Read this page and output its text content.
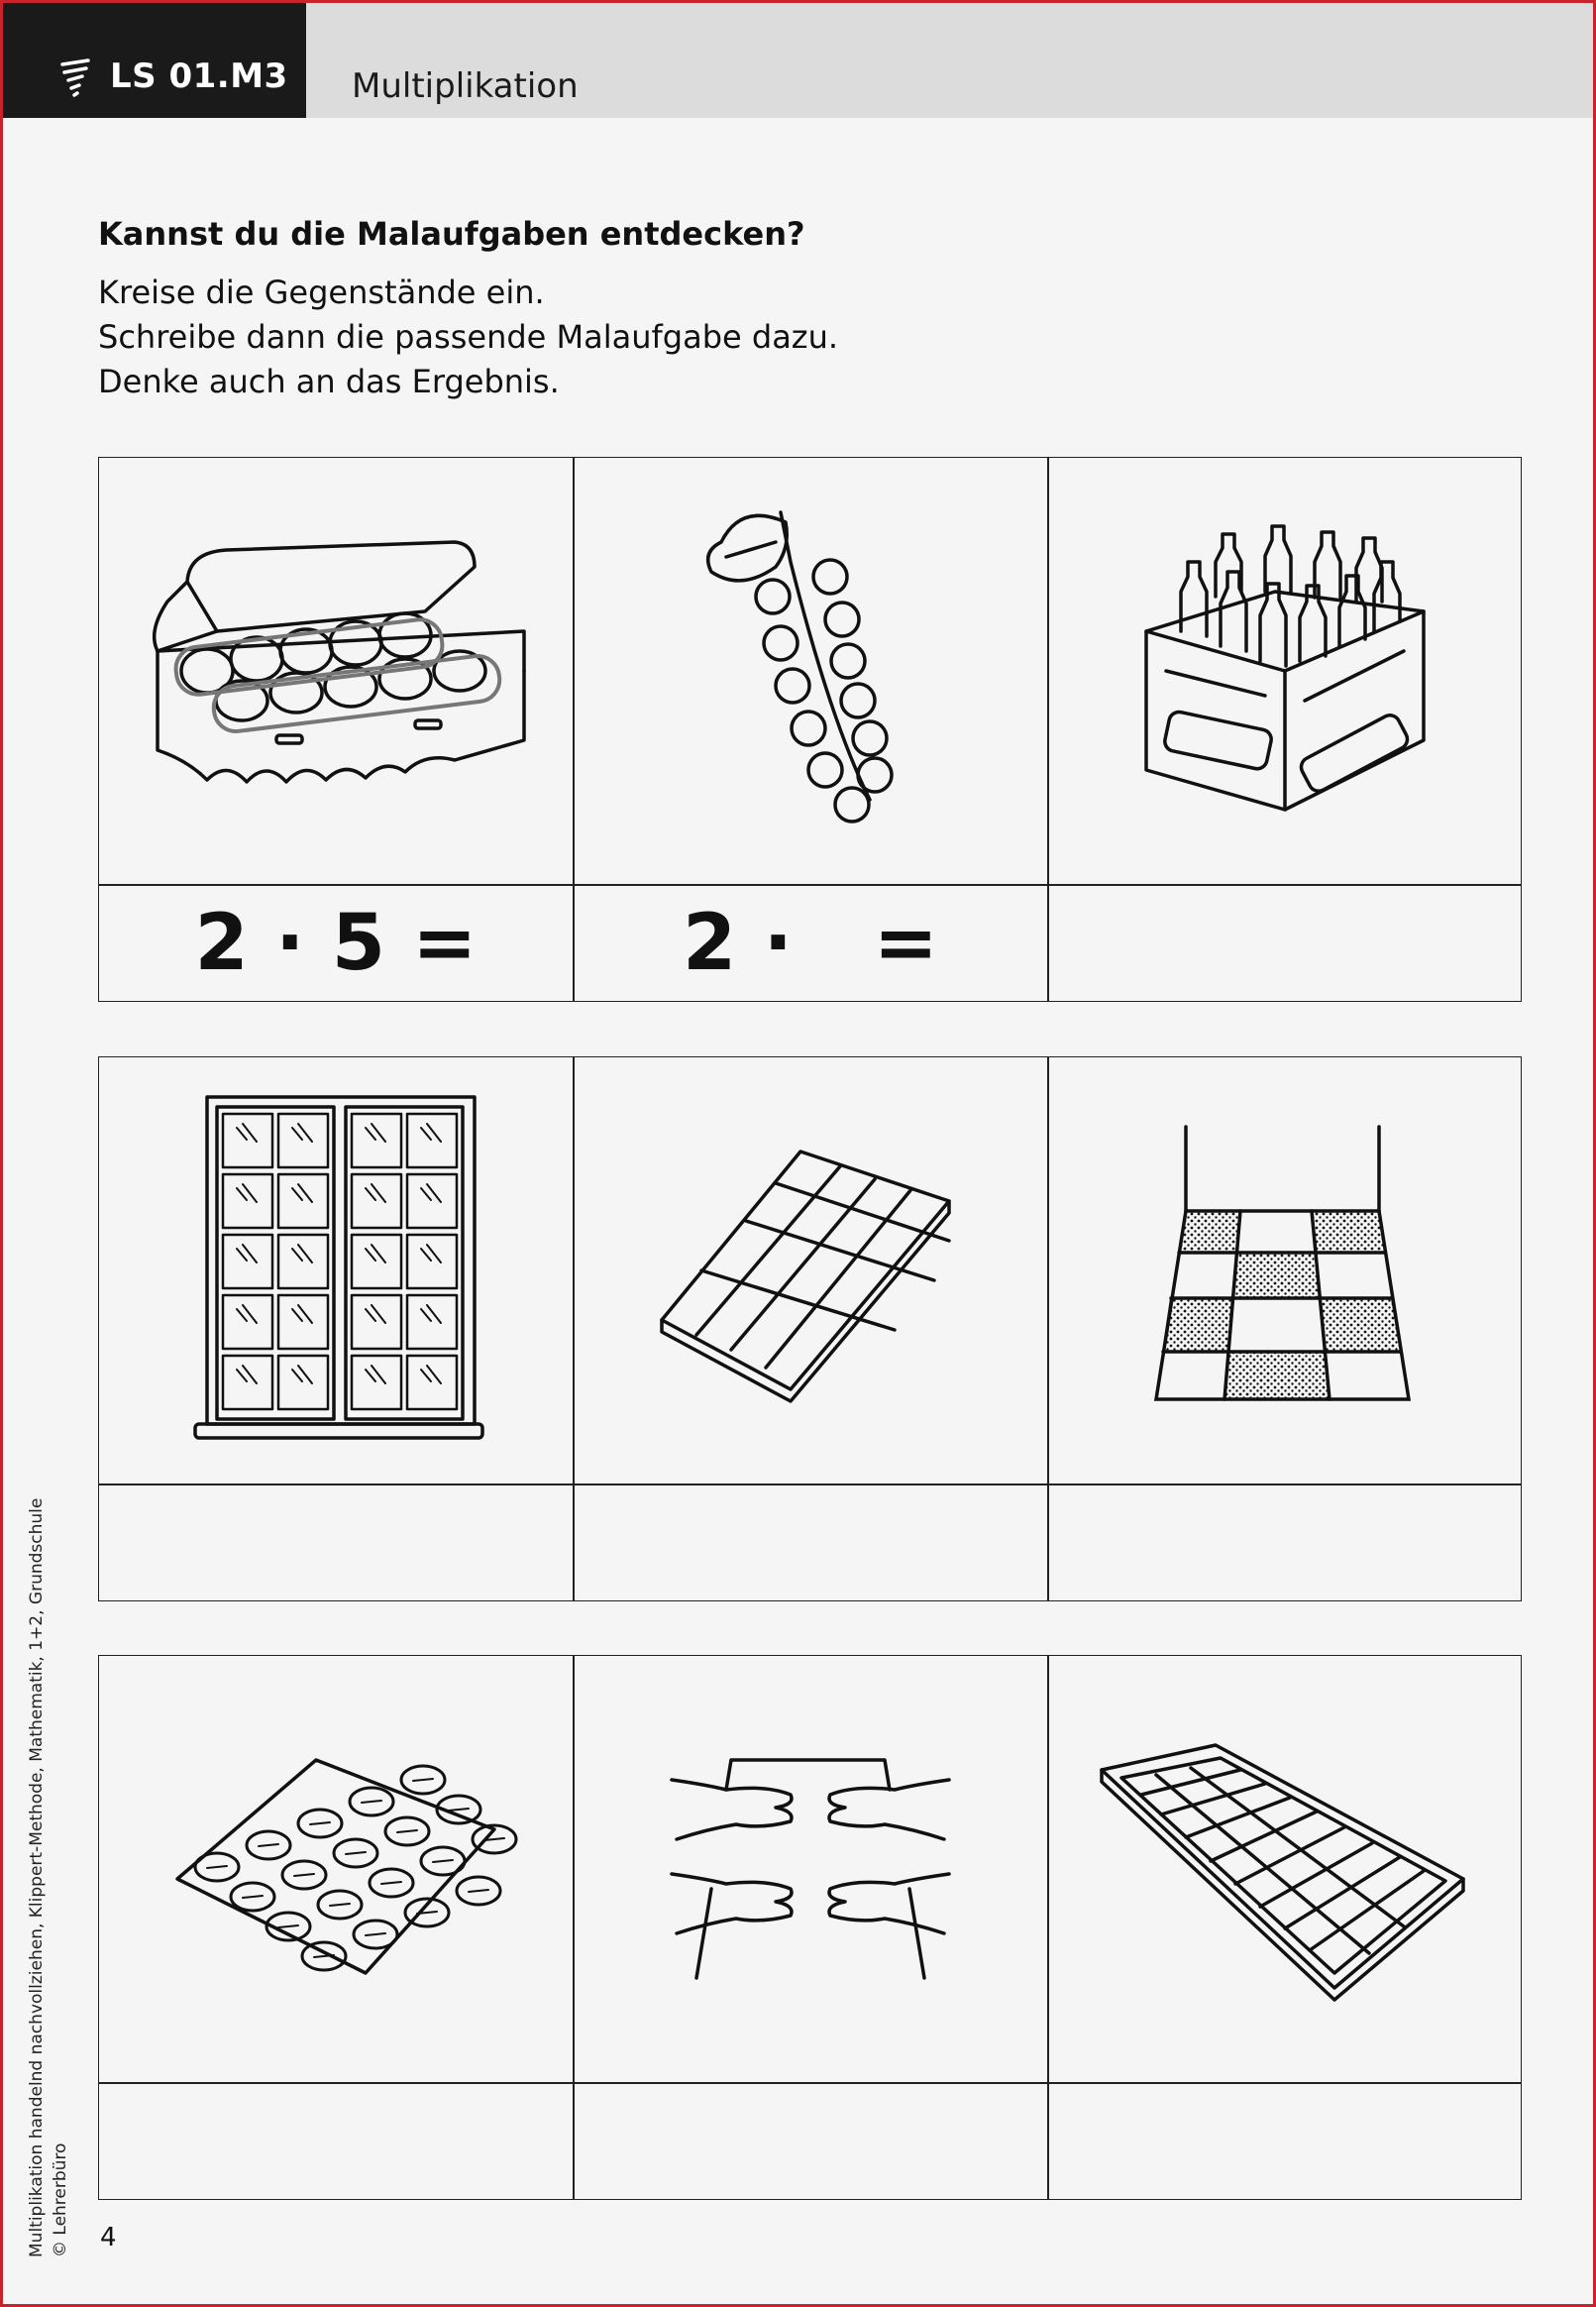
LS 01.M3 Multiplikation
Kannst du die Malaufgaben entdecken?
Kreise die Gegenstände ein.
Schreibe dann die passende Malaufgabe dazu.
Denke auch an das Ergebnis.
2 · 5 =	2 ·   =
Multiplikation handelnd nachvollziehen, Klippert-Methode, Mathematik, 1+2, Grundschule © Lehrerbüro 4
